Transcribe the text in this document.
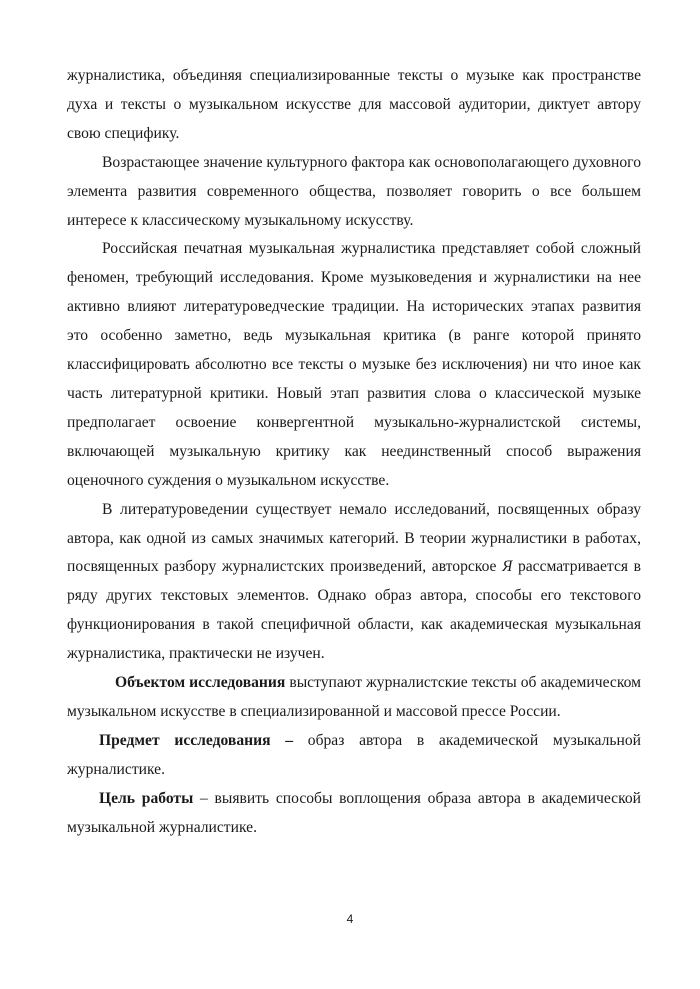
журналистика, объединяя специализированные тексты о музыке как пространстве духа и тексты о музыкальном искусстве для массовой аудитории, диктует автору свою специфику.

Возрастающее значение культурного фактора как основополагающего духовного элемента развития современного общества, позволяет говорить о все большем интересе к классическому музыкальному искусству.

Российская печатная музыкальная журналистика представляет собой сложный феномен, требующий исследования. Кроме музыковедения и журналистики на нее активно влияют литературоведческие традиции. На исторических этапах развития это особенно заметно, ведь музыкальная критика (в ранге которой принято классифицировать абсолютно все тексты о музыке без исключения) ни что иное как часть литературной критики. Новый этап развития слова о классической музыке предполагает освоение конвергентной музыкально-журналистской системы, включающей музыкальную критику как неединственный способ выражения оценочного суждения о музыкальном искусстве.

В литературоведении существует немало исследований, посвященных образу автора, как одной из самых значимых категорий. В теории журналистики в работах, посвященных разбору журналистских произведений, авторское Я рассматривается в ряду других текстовых элементов. Однако образ автора, способы его текстового функционирования в такой специфичной области, как академическая музыкальная журналистика, практически не изучен.

Объектом исследования выступают журналистские тексты об академическом музыкальном искусстве в специализированной и массовой прессе России.

Предмет исследования – образ автора в академической музыкальной журналистике.

Цель работы – выявить способы воплощения образа автора в академической музыкальной журналистике.

4
